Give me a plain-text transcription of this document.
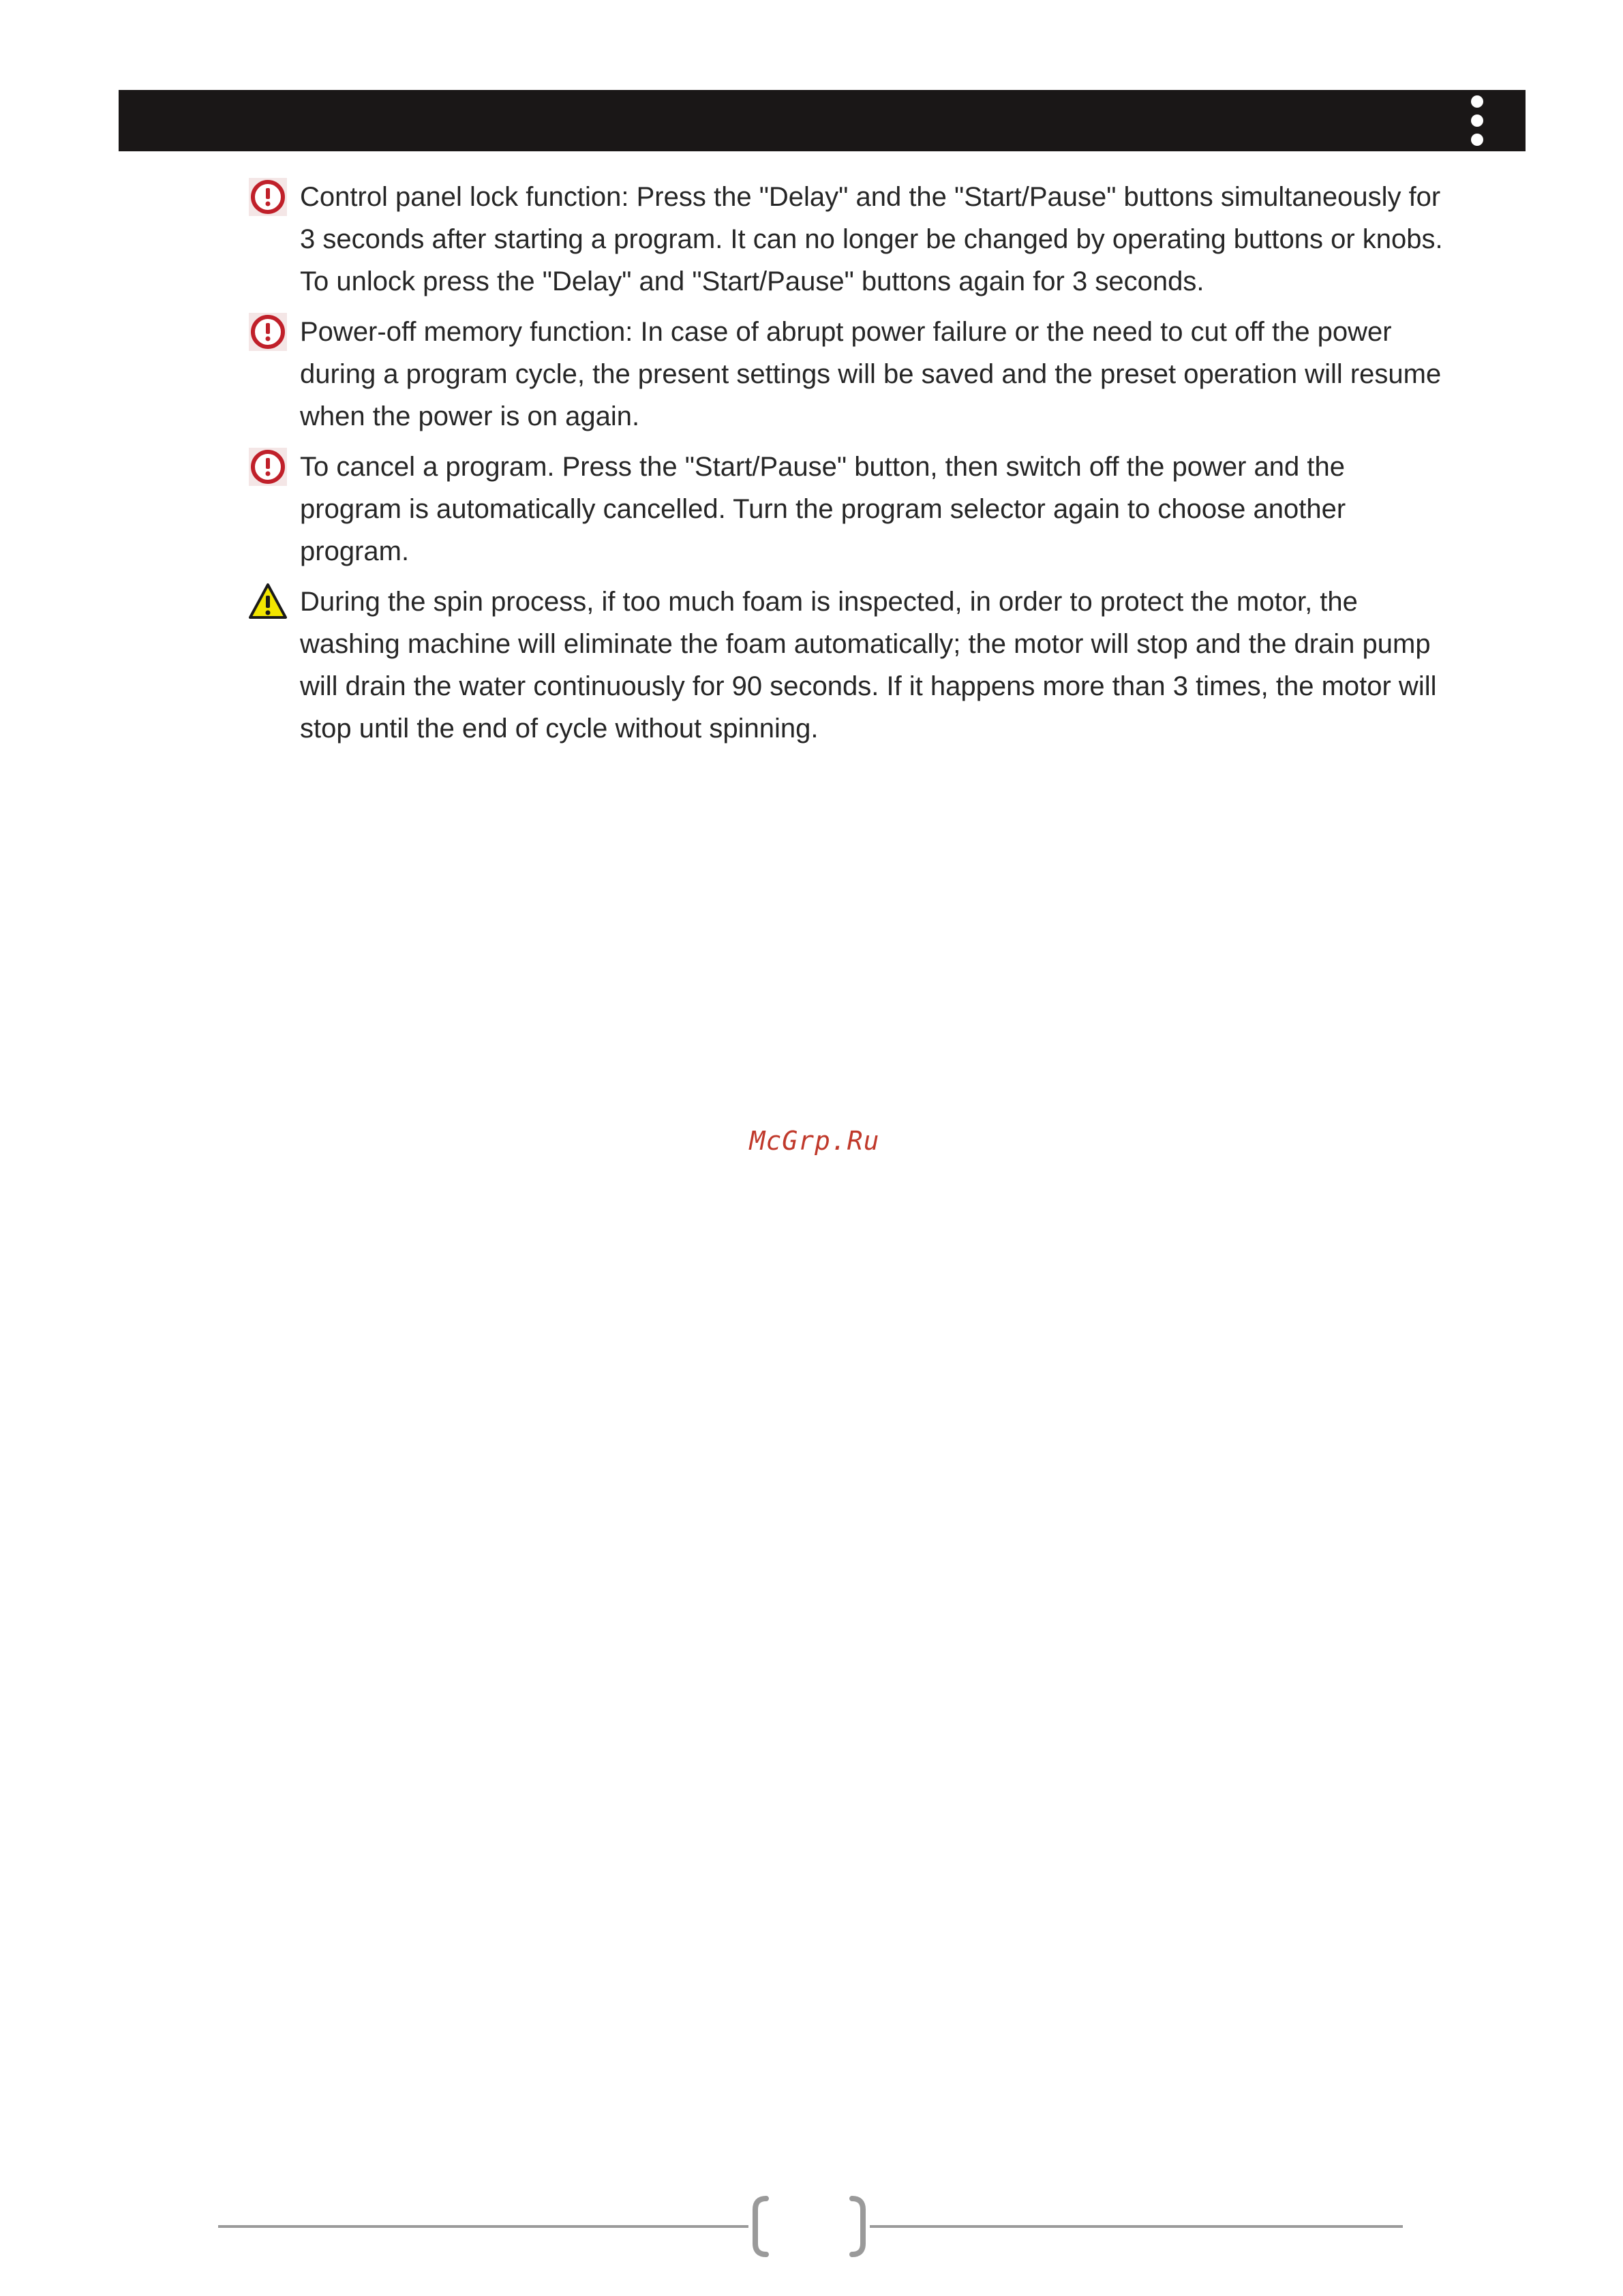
Control panel lock function: Press the "Delay" and the "Start/Pause" buttons simultaneously for 3 seconds after starting a program. It can no longer be changed by operating buttons or knobs. To unlock press the "Delay" and "Start/Pause" buttons again for 3 seconds.

Power-off memory function: In case of abrupt power failure or the need to cut off the power during a program cycle, the present settings will be saved and the preset operation will resume when the power is on again.

To cancel a program. Press the "Start/Pause" button, then switch off the power and the program is automatically cancelled. Turn the program selector again to choose another program.

During the spin process, if too much foam is inspected, in order to protect the motor, the washing machine will eliminate the foam automatically; the motor will stop and the drain pump will drain the water continuously for 90 seconds. If it happens more than 3 times, the motor will stop until the end of cycle without spinning.

McGrp.Ru
